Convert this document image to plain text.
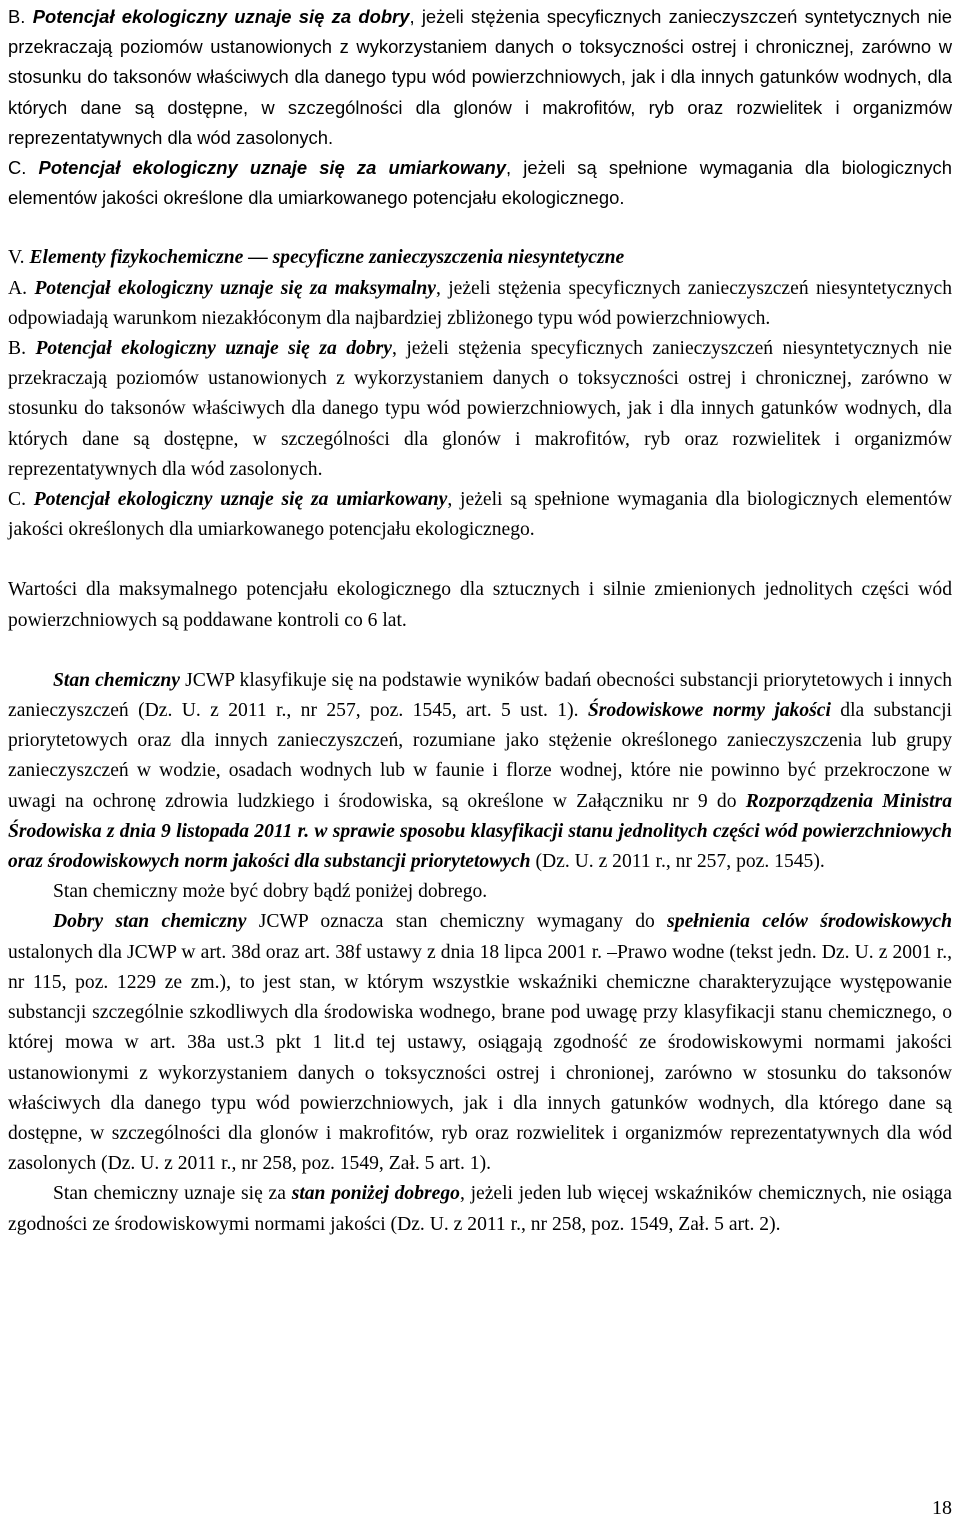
B. Potencjał ekologiczny uznaje się za dobry, jeżeli stężenia specyficznych zanieczyszczeń syntetycznych nie przekraczają poziomów ustanowionych z wykorzystaniem danych o toksyczności ostrej i chronicznej, zarówno w stosunku do taksonów właściwych dla danego typu wód powierzchniowych, jak i dla innych gatunków wodnych, dla których dane są dostępne, w szczególności dla glonów i makrofitów, ryb oraz rozwielitek i organizmów reprezentatywnych dla wód zasolonych.

C. Potencjał ekologiczny uznaje się za umiarkowany, jeżeli są spełnione wymagania dla biologicznych elementów jakości określone dla umiarkowanego potencjału ekologicznego.

V. Elementy fizykochemiczne — specyficzne zanieczyszczenia niesyntetyczne

A. Potencjał ekologiczny uznaje się za maksymalny, jeżeli stężenia specyficznych zanieczyszczeń niesyntetycznych odpowiadają warunkom niezakłóconym dla najbardziej zbliżonego typu wód powierzchniowych.

B. Potencjał ekologiczny uznaje się za dobry, jeżeli stężenia specyficznych zanieczyszczeń niesyntetycznych nie przekraczają poziomów ustanowionych z wykorzystaniem danych o toksyczności ostrej i chronicznej, zarówno w stosunku do taksonów właściwych dla danego typu wód powierzchniowych, jak i dla innych gatunków wodnych, dla których dane są dostępne, w szczególności dla glonów i makrofitów, ryb oraz rozwielitek i organizmów reprezentatywnych dla wód zasolonych.

C. Potencjał ekologiczny uznaje się za umiarkowany, jeżeli są spełnione wymagania dla biologicznych elementów jakości określonych dla umiarkowanego potencjału ekologicznego.

Wartości dla maksymalnego potencjału ekologicznego dla sztucznych i silnie zmienionych jednolitych części wód powierzchniowych są poddawane kontroli co 6 lat.

Stan chemiczny JCWP klasyfikuje się na podstawie wyników badań obecności substancji priorytetowych i innych zanieczyszczeń (Dz. U. z 2011 r., nr 257, poz. 1545, art. 5 ust. 1). Środowiskowe normy jakości dla substancji priorytetowych oraz dla innych zanieczyszczeń, rozumiane jako stężenie określonego zanieczyszczenia lub grupy zanieczyszczeń w wodzie, osadach wodnych lub w faunie i florze wodnej, które nie powinno być przekroczone w uwagi na ochronę zdrowia ludzkiego i środowiska, są określone w Załączniku nr 9 do Rozporządzenia Ministra Środowiska z dnia 9 listopada 2011 r. w sprawie sposobu klasyfikacji stanu jednolitych części wód powierzchniowych oraz środowiskowych norm jakości dla substancji priorytetowych (Dz. U. z 2011 r., nr 257, poz. 1545).

Stan chemiczny może być dobry bądź poniżej dobrego.

Dobry stan chemiczny JCWP oznacza stan chemiczny wymagany do spełnienia celów środowiskowych ustalonych dla JCWP w art. 38d oraz art. 38f ustawy z dnia 18 lipca 2001 r. –Prawo wodne (tekst jedn. Dz. U. z 2001 r., nr 115, poz. 1229 ze zm.), to jest stan, w którym wszystkie wskaźniki chemiczne charakteryzujące występowanie substancji szczególnie szkodliwych dla środowiska wodnego, brane pod uwagę przy klasyfikacji stanu chemicznego, o której mowa w art. 38a ust.3 pkt 1 lit.d tej ustawy, osiągają zgodność ze środowiskowymi normami jakości ustanowionymi z wykorzystaniem danych o toksyczności ostrej i chronionej, zarówno w stosunku do taksonów właściwych dla danego typu wód powierzchniowych, jak i dla innych gatunków wodnych, dla którego dane są dostępne, w szczególności dla glonów i makrofitów, ryb oraz rozwielitek i organizmów reprezentatywnych dla wód zasolonych (Dz. U. z 2011 r., nr 258, poz. 1549, Zał. 5 art. 1).

Stan chemiczny uznaje się za stan poniżej dobrego, jeżeli jeden lub więcej wskaźników chemicznych, nie osiąga zgodności ze środowiskowymi normami jakości (Dz. U. z 2011 r., nr 258, poz. 1549, Zał. 5 art. 2).

18
